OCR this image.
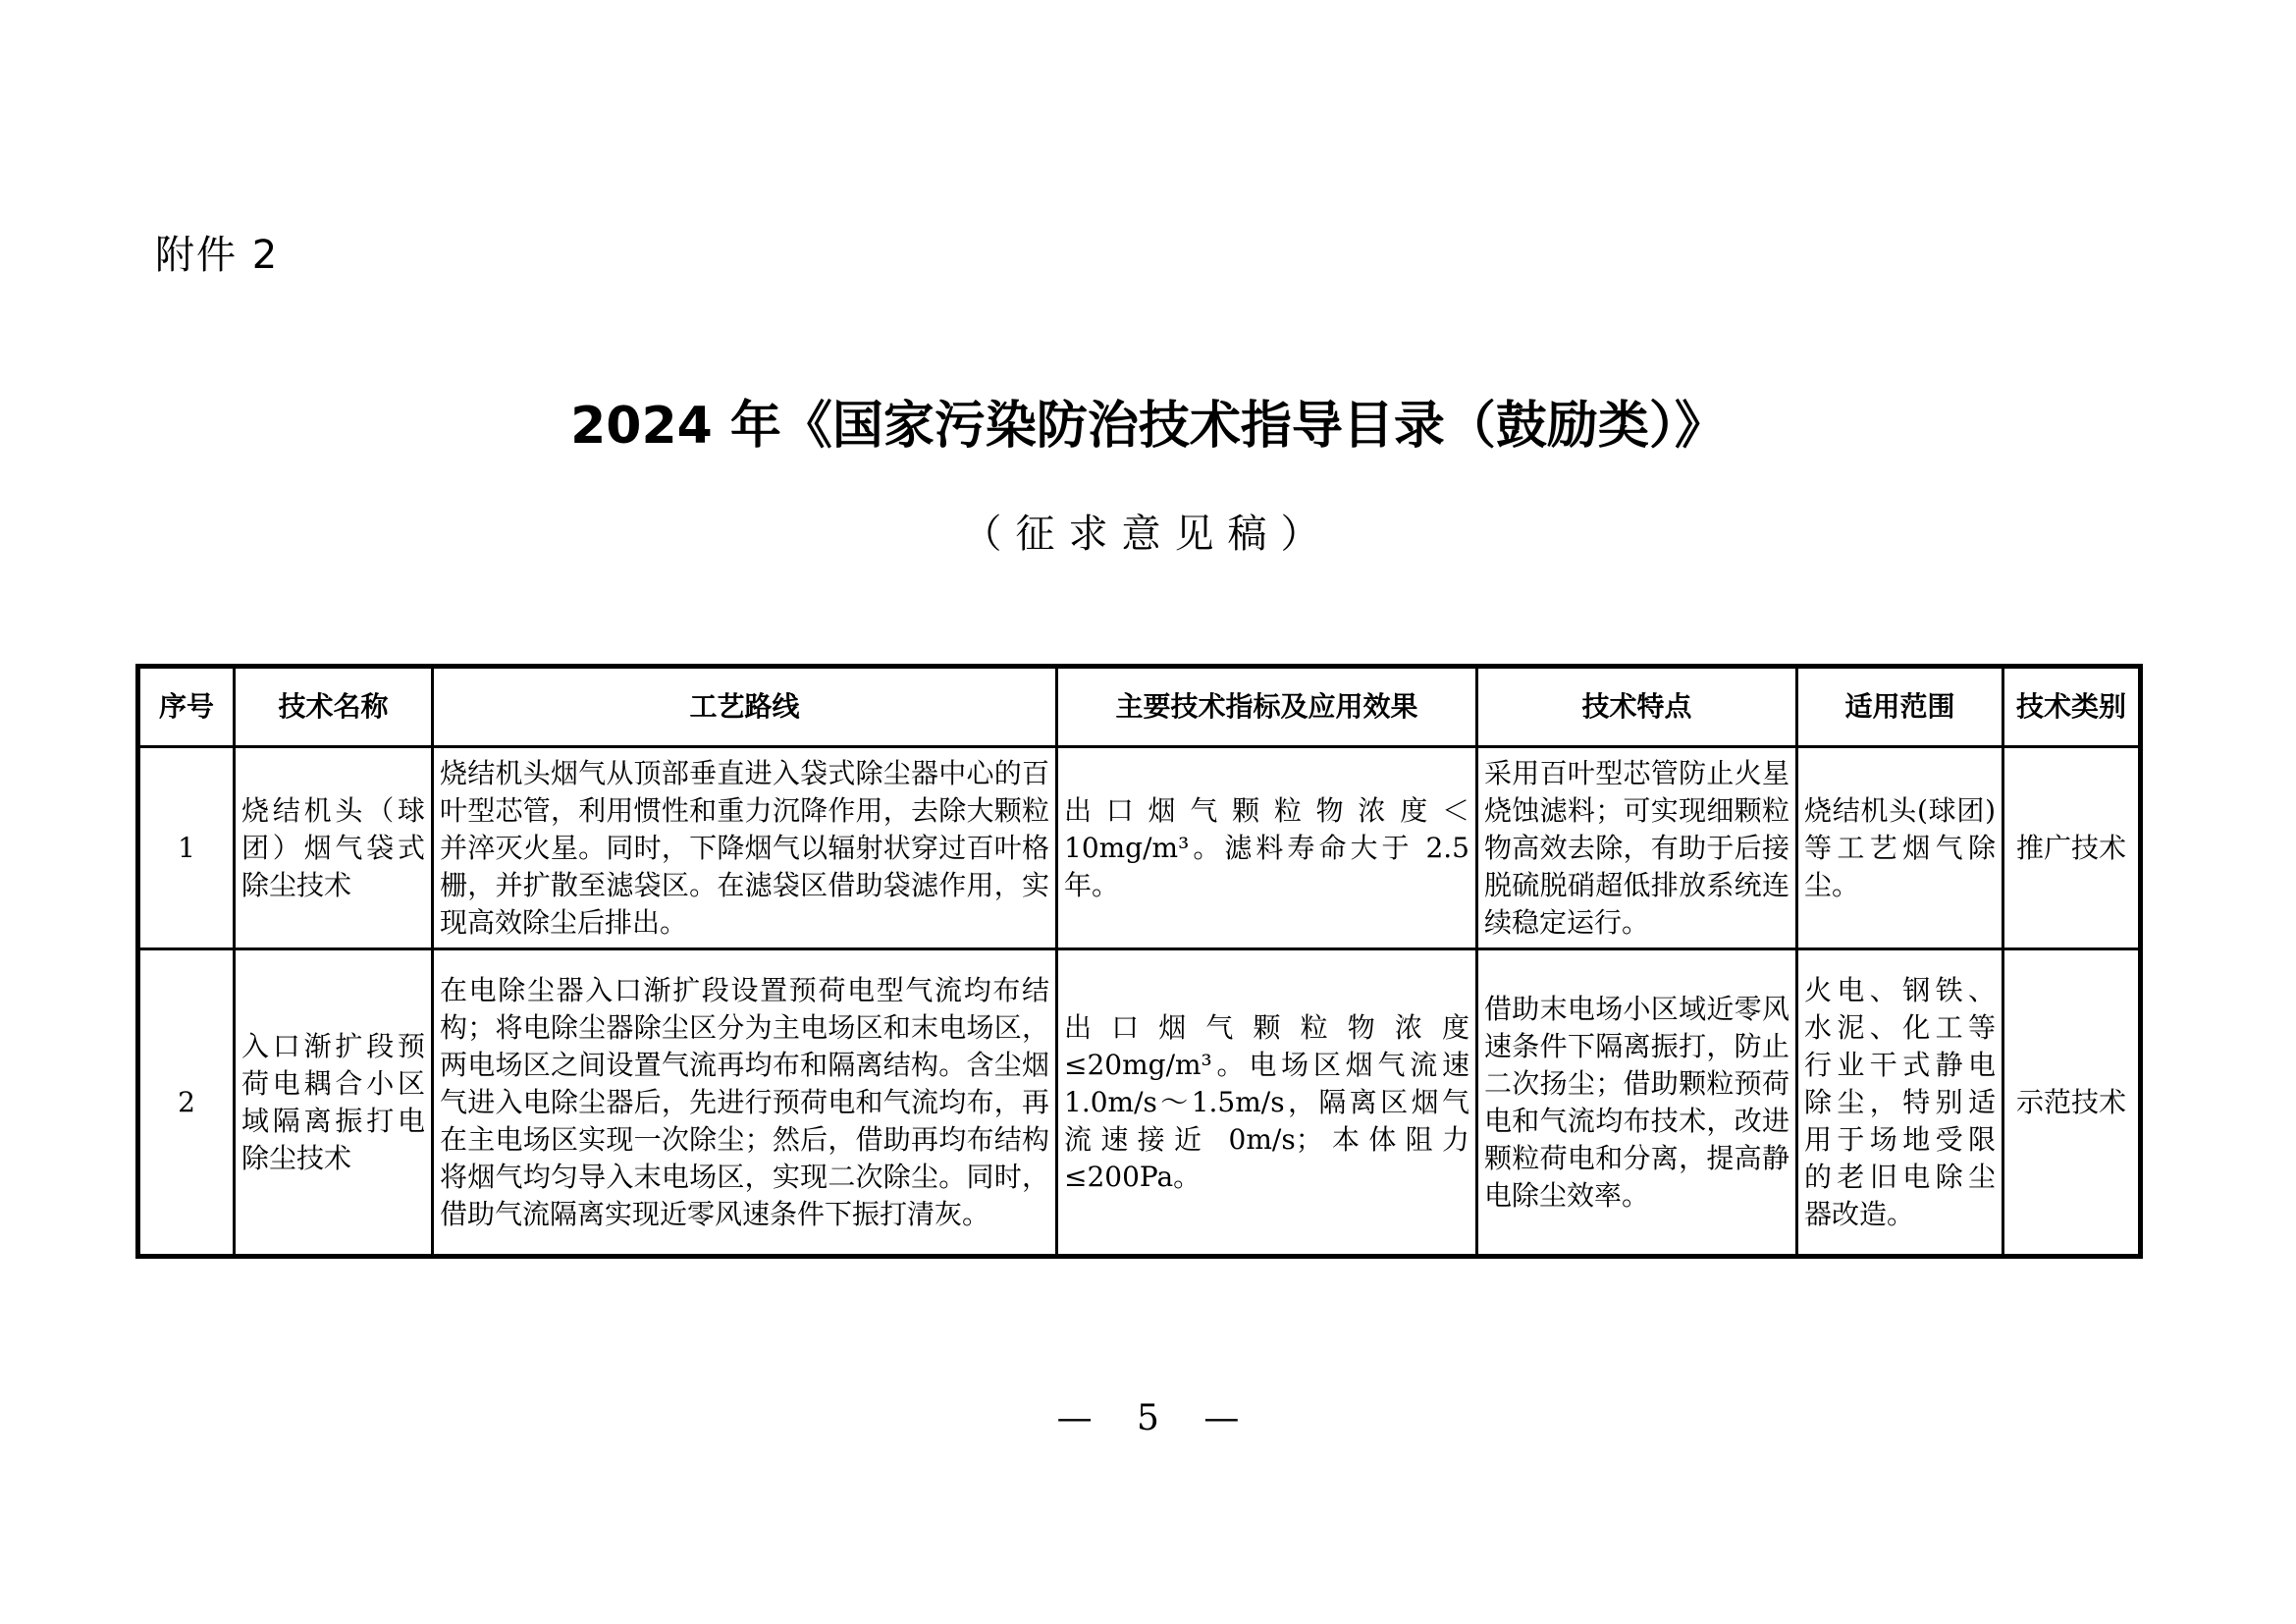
附件 2
2024 年《国家污染防治技术指导目录（鼓励类）》
（征求意见稿）
序号	技术名称	工艺路线	主要技术指标及应用效果	技术特点	适用范围	技术类别
1	烧结机头（球团）烟气袋式除尘技术	烧结机头烟气从顶部垂直进入袋式除尘器中心的百叶型芯管，利用惯性和重力沉降作用，去除大颗粒并淬灭火星。同时，下降烟气以辐射状穿过百叶格栅，并扩散至滤袋区。在滤袋区借助袋滤作用，实现高效除尘后排出。	出口烟气颗粒物浓度＜10mg/m³。滤料寿命大于 2.5 年。	采用百叶型芯管防止火星烧蚀滤料；可实现细颗粒物高效去除，有助于后接脱硫脱硝超低排放系统连续稳定运行。	烧结机头(球团)等工艺烟气除尘。	推广技术
2	入口渐扩段预荷电耦合小区域隔离振打电除尘技术	在电除尘器入口渐扩段设置预荷电型气流均布结构；将电除尘器除尘区分为主电场区和末电场区，两电场区之间设置气流再均布和隔离结构。含尘烟气进入电除尘器后，先进行预荷电和气流均布，再在主电场区实现一次除尘；然后，借助再均布结构将烟气均匀导入末电场区，实现二次除尘。同时，借助气流隔离实现近零风速条件下振打清灰。	出口烟气颗粒物浓度≤20mg/m³。电场区烟气流速 1.0m/s～1.5m/s，隔离区烟气流速接近 0m/s；本体阻力≤200Pa。	借助末电场小区域近零风速条件下隔离振打，防止二次扬尘；借助颗粒预荷电和气流均布技术，改进颗粒荷电和分离，提高静电除尘效率。	火电、钢铁、水泥、化工等行业干式静电除尘，特别适用于场地受限的老旧电除尘器改造。	示范技术
— 5 —
